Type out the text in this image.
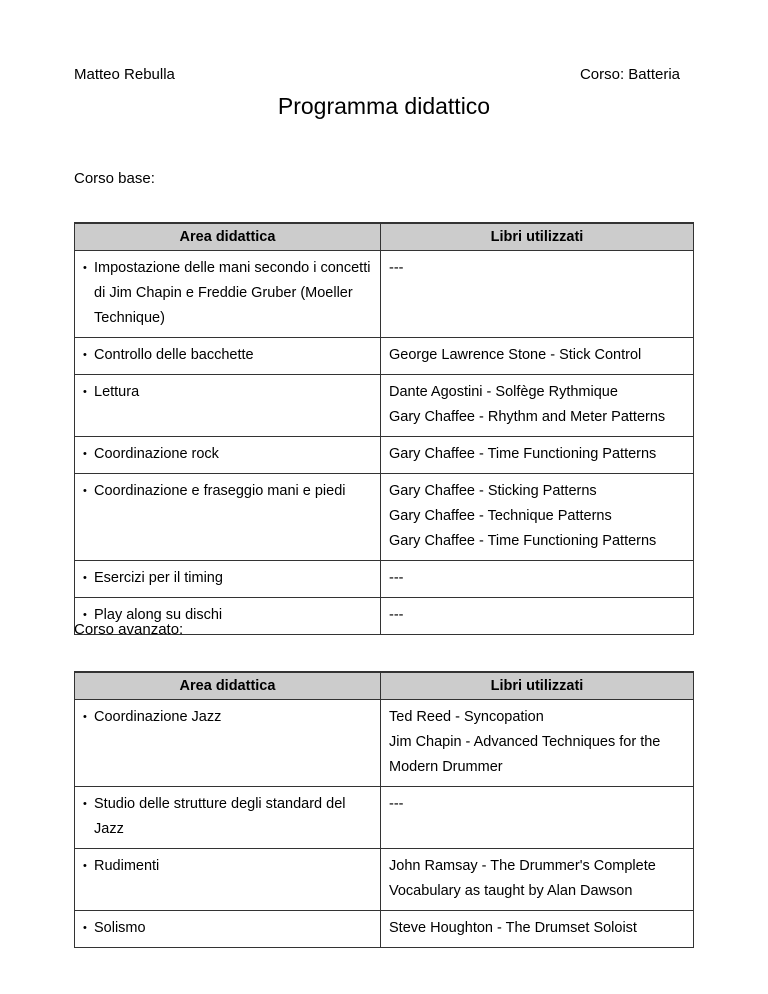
Matteo Rebulla	Corso: Batteria
Programma didattico
Corso base:
Area didattica	Libri utilizzati

• Impostazione delle mani secondo i concetti di Jim Chapin e Freddie Gruber (Moeller Technique)	---

• Controllo delle bacchette	George Lawrence Stone - Stick Control

• Lettura	Dante Agostini - Solfège Rythmique
Gary Chaffee - Rhythm and Meter Patterns

• Coordinazione rock	Gary Chaffee - Time Functioning Patterns

• Coordinazione e fraseggio mani e piedi	Gary Chaffee - Sticking Patterns
Gary Chaffee - Technique Patterns
Gary Chaffee - Time Functioning Patterns

• Esercizi per il timing	---

• Play along su dischi	---
Corso avanzato:
Area didattica	Libri utilizzati

• Coordinazione Jazz	Ted Reed - Syncopation
Jim Chapin - Advanced Techniques for the Modern Drummer

• Studio delle strutture degli standard del Jazz	---

• Rudimenti	John Ramsay - The Drummer's Complete Vocabulary as taught by Alan Dawson

• Solismo	Steve Houghton - The Drumset Soloist
